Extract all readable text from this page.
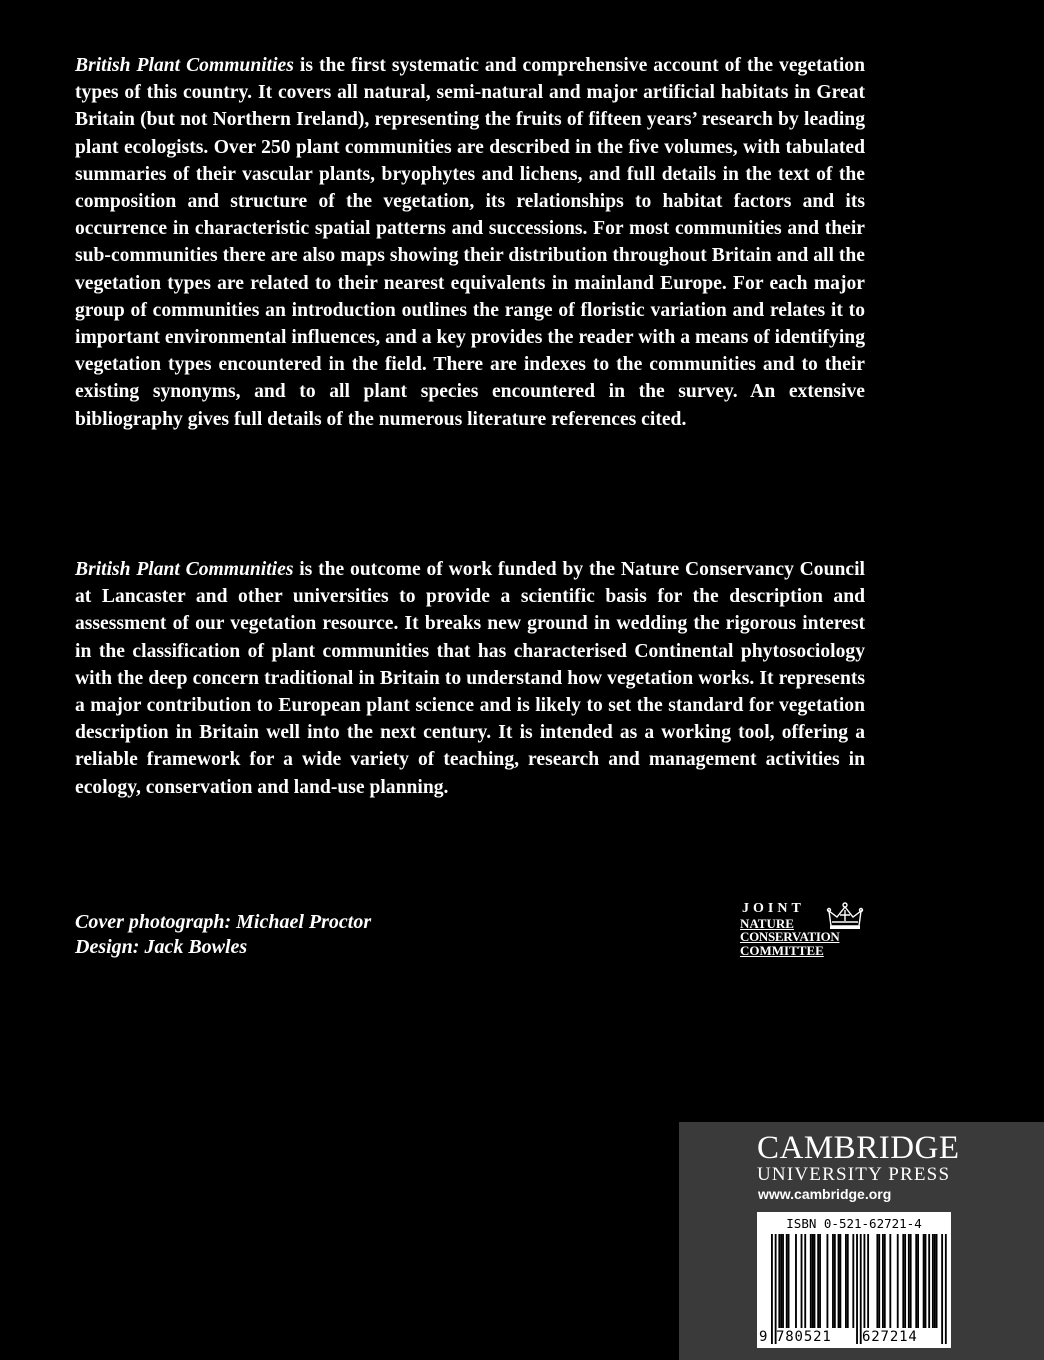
British Plant Communities is the first systematic and comprehensive account of the vegetation types of this country. It covers all natural, semi-natural and major artificial habitats in Great Britain (but not Northern Ireland), representing the fruits of fifteen years’ research by leading plant ecologists. Over 250 plant communities are described in the five volumes, with tabulated summaries of their vascular plants, bryophytes and lichens, and full details in the text of the composition and structure of the vegetation, its relationships to habitat factors and its occurrence in characteristic spatial patterns and successions. For most communities and their sub-communities there are also maps showing their distribution throughout Britain and all the vegetation types are related to their nearest equivalents in mainland Europe. For each major group of communities an introduction outlines the range of floristic variation and relates it to important environmental influences, and a key provides the reader with a means of identifying vegetation types encountered in the field. There are indexes to the communities and to their existing synonyms, and to all plant species encountered in the survey. An extensive bibliography gives full details of the numerous literature references cited.

British Plant Communities is the outcome of work funded by the Nature Conservancy Council at Lancaster and other universities to provide a scientific basis for the description and assessment of our vegetation resource. It breaks new ground in wedding the rigorous interest in the classification of plant communities that has characterised Continental phytosociology with the deep concern traditional in Britain to understand how vegetation works. It represents a major contribution to European plant science and is likely to set the standard for vegetation description in Britain well into the next century. It is intended as a working tool, offering a reliable framework for a wide variety of teaching, research and management activities in ecology, conservation and land-use planning.

Cover photograph: Michael Proctor
Design: Jack Bowles
JOINT
NATURE
CONSERVATION
COMMITTEE
CAMBRIDGE
UNIVERSITY PRESS
www.cambridge.org
ISBN 0-521-62721-4
9 780521 627214
